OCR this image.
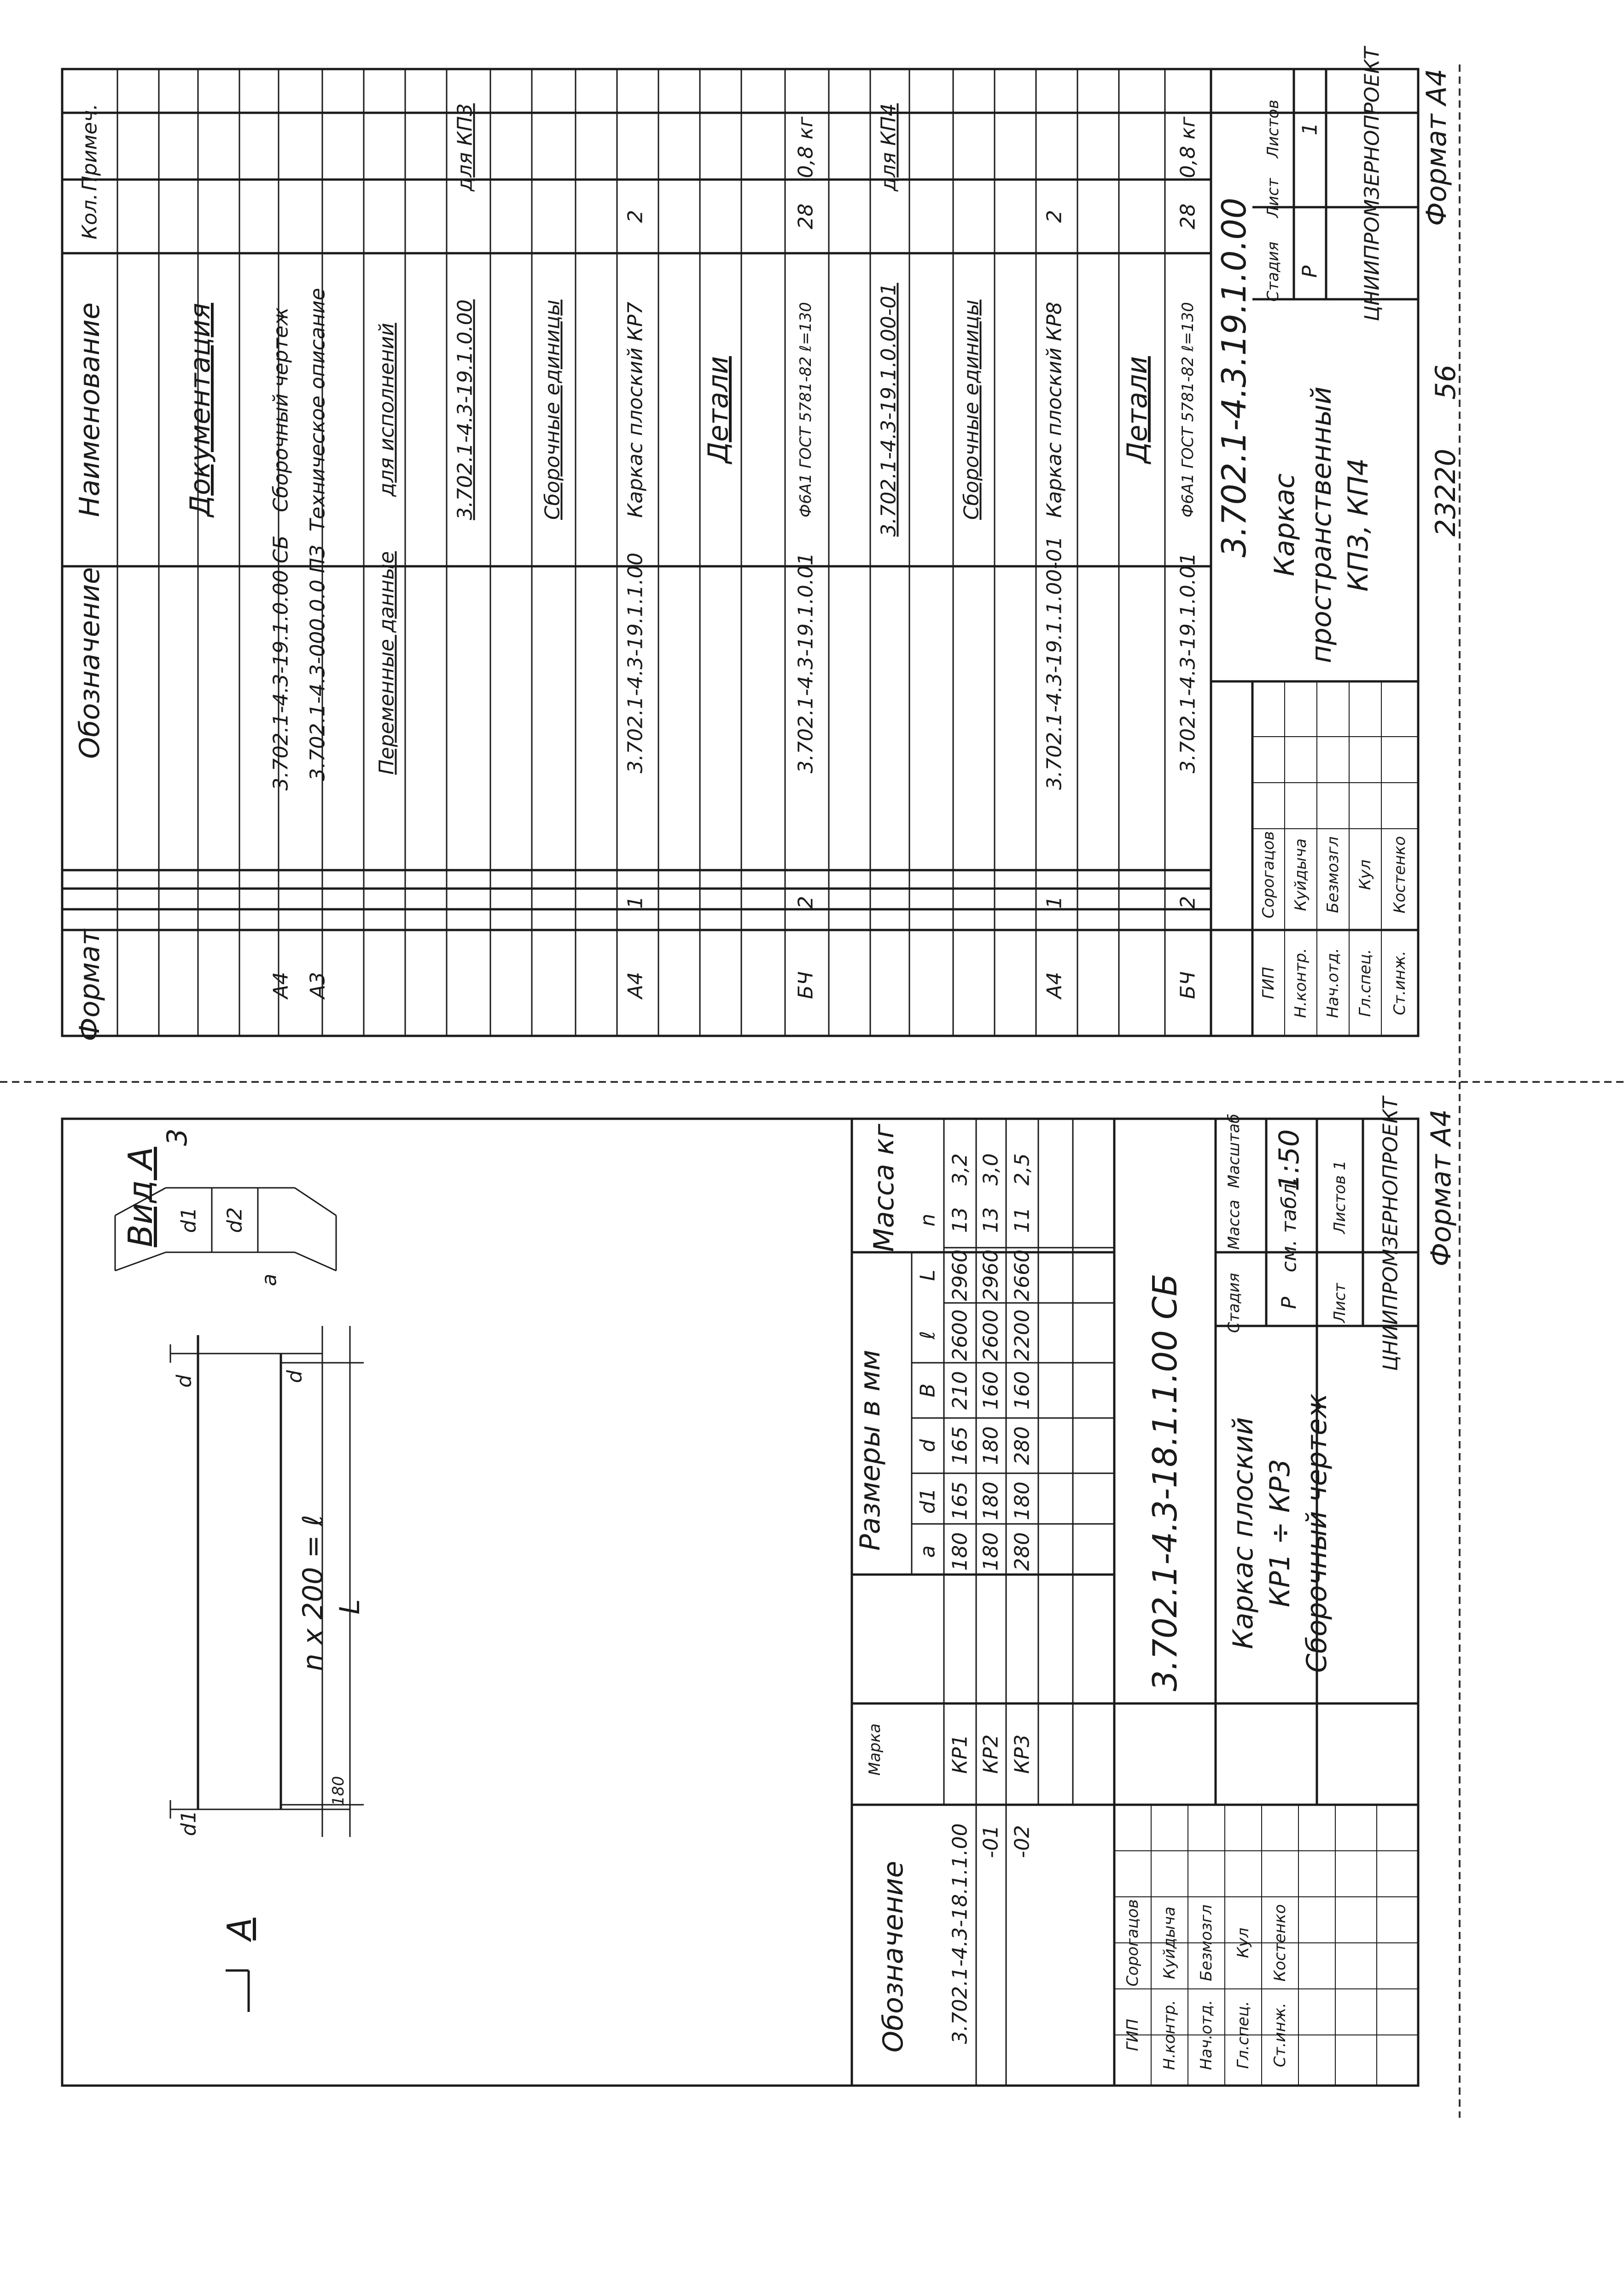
Формат
Обозначение
Наименование
Кол.
Примеч.
Документация
А4
3.702.1-4.3-19.1.0.00 СБ
Сборочный чертеж
А3
3.702.1-4.3-000.0.0 ПЗ
Техническое описание
Переменные данные
для исполнений	3.702.1-4.3-19.1.0.00
для КП3
Сборочные единицы
А4
1
3.702.1-4.3-19.1.1.00
Каркас плоский КР7
2
Детали
БЧ
2
3.702.1-4.3-19.1.0.01
Ф6А1 ГОСТ 5781-82 ℓ=130
28
0,8 кг
3.702.1-4.3-19.1.0.00-01
для КП4
Сборочные единицы
А4
1
3.702.1-4.3-19.1.1.00-01
Каркас плоский КР8
2
Детали
БЧ
2
3.702.1-4.3-19.1.0.01
Ф6А1 ГОСТ 5781-82 ℓ=130
28
0,8 кг
3.702.1-4.3.19.1.0.00 Каркас пространственный КП3, КП4
Стадия
Лист
Листов
Р
1 ЦНИИПРОМЗЕРНОПРОЕКТ
ГИП Н.контр. Нач.отд. Гл.спец. Ст.инж.
Сорогацов Куйдыча Безмозгл Кул Костенко
Формат А4
56
23220
Вид А
A
3
d2
d1
a
d
d1
d
n x 200 = ℓ L
180
Обозначение
Марка
Размеры в мм
Масса кг
a
d1
d
B
ℓ
L
n
3.702.1-4.3-18.1.1.00
КР1
180
165
165
210
2600
2960
13
3,2
-01
КР2
180
180
180
160
2600
2960
13
3,0
-02
КР3
280
180
280
160
2200
2660
11
2,5
3.702.1-4.3-18.1.1.00 СБ Каркас плоский КР1 ÷ КР3 Сборочный чертеж
Стадия
Масса
Масштаб
Р
см. табл.
1:50
Лист
Листов 1 ЦНИИПРОМЗЕРНОПРОЕКТ
ГИП Н.контр. Нач.отд. Гл.спец. Ст.инж.
Сорогацов Куйдыча Безмозгл Кул Костенко
Формат А4
